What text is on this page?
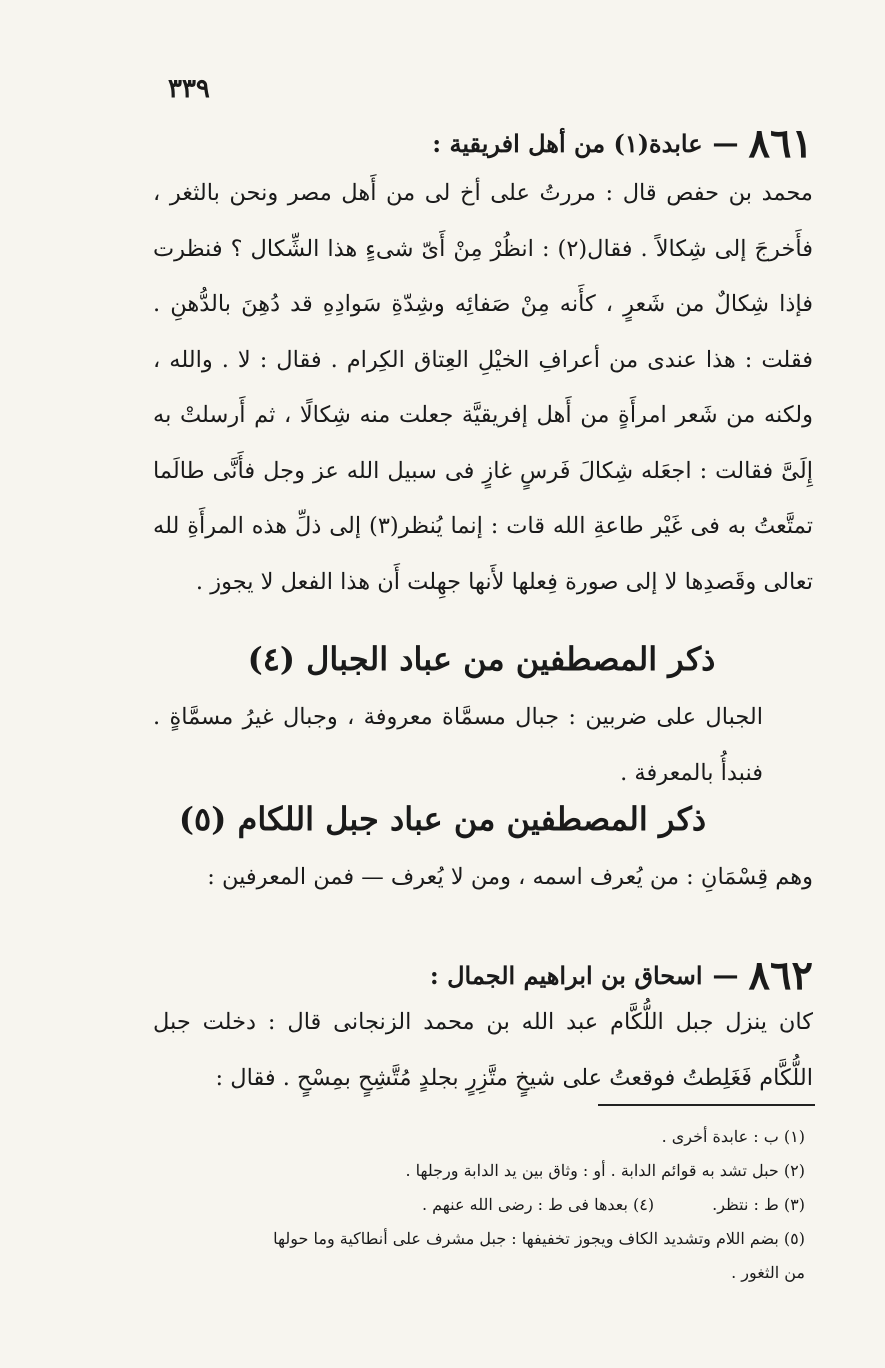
٣٣٩
٨٦١
—
عابدة(١) من أهل افريقية :
محمد بن حفص قال : مررتُ على أخ لى من أَهل مصر ونحن بالثغر ، فأَخرجَ إلى شِكالاً . فقال(٢) : انظُرْ مِنْ أَىّ شىءٍ هذا الشِّكال ؟ فنظرت فإذا شِكالٌ من شَعرٍ ، كأَنه مِنْ صَفائِه وشِدّةِ سَوادِهِ قد دُهِنَ بالدُّهنِ . فقلت : هذا عندى من أعرافِ الخيْلِ العِتاق الكِرام . فقال : لا . والله ، ولكنه من شَعر امرأَةٍ من أَهل إفريقيَّة جعلت منه شِكالًا ، ثم أَرسلتْ به إِلَىَّ فقالت : اجعَله شِكالَ فَرسٍ غازٍ فى سبيل الله عز وجل فأَنَّى طالَما تمتَّعتُ به فى غَيْر طاعةِ الله قات : إنما يُنظر(٣) إلى ذلِّ هذه المرأَةِ لله تعالى وقَصدِها لا إلى صورة فِعلها لأَنها جهِلت أَن هذا الفعل لا يجوز .
ذكر المصطفين من عباد الجبال (٤)
الجبال على ضربين : جبال مسمَّاة معروفة ، وجبال غيرُ مسمَّاةٍ . فنبدأُ بالمعرفة .
ذكر المصطفين من عباد جبل اللكام (٥)
وهم قِسْمَانِ : من يُعرف اسمه ، ومن لا يُعرف — فمن المعرفين :
٨٦٢
—
اسحاق بن ابراهيم الجمال :
كان ينزل جبل اللُّكَّام عبد الله بن محمد الزنجانى قال : دخلت جبل اللُّكَّام فَغَلِطتُ فوقعتُ على شيخٍ متَّزِرٍ بجلدٍ مُتَّشِحٍ بمِسْحٍ . فقال :
(١) ب : عابدة أخرى .
(٢) حبل تشد به قوائم الدابة . أو : وثاق بين يد الدابة ورجلها .
(٣) ط : نتظر.(٤) بعدها فى ط : رضى الله عنهم .
(٥) بضم اللام وتشديد الكاف ويجوز تخفيفها : جبل مشرف على أنطاكية وما حولها
من الثغور .
